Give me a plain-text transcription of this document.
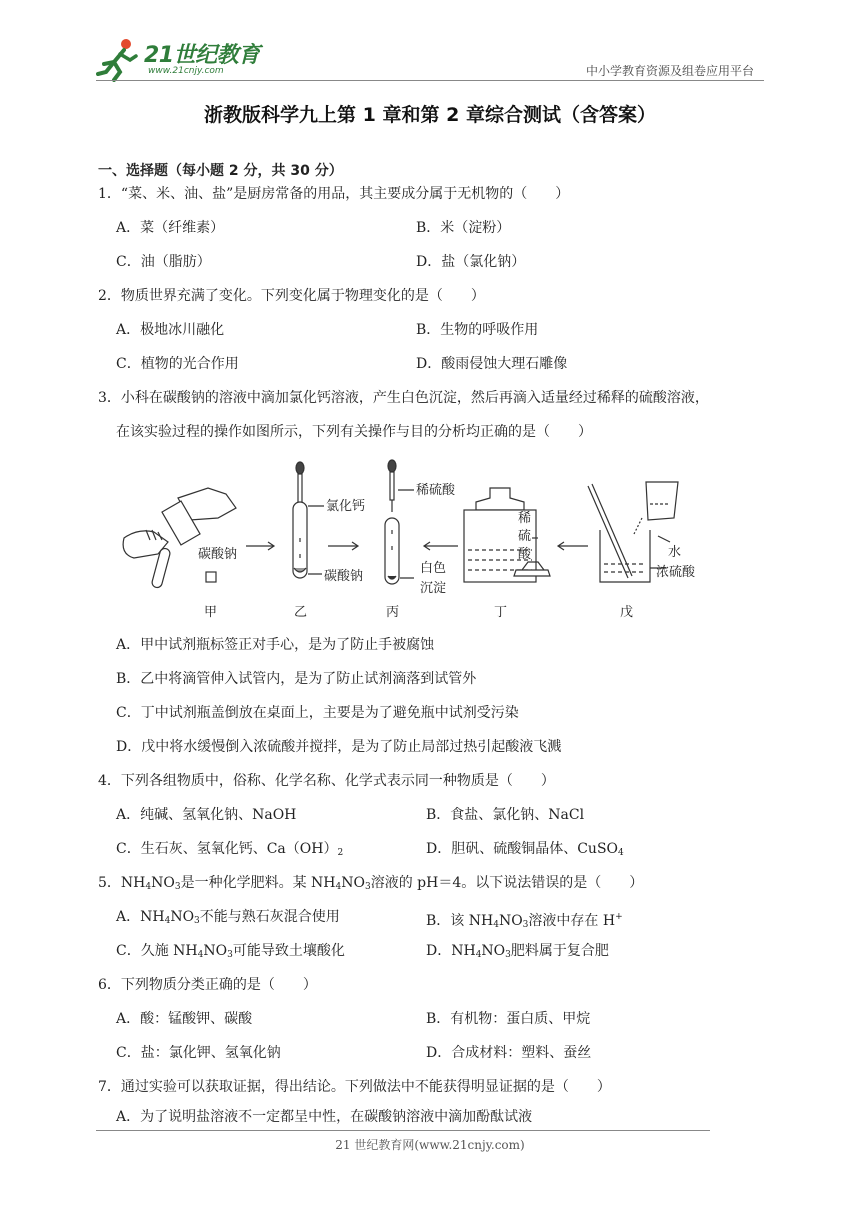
21世纪教育
www.21cnjy.com	中小学教育资源及组卷应用平台
浙教版科学九上第 1 章和第 2 章综合测试（含答案）
一、选择题（每小题 2 分，共 30 分）
1．“菜、米、油、盐”是厨房常备的用品，其主要成分属于无机物的（　　）
A．菜（纤维素）	B．米（淀粉）
C．油（脂肪）	D．盐（氯化钠）
2．物质世界充满了变化。下列变化属于物理变化的是（　　）
A．极地冰川融化	B．生物的呼吸作用
C．植物的光合作用	D．酸雨侵蚀大理石雕像
3．小科在碳酸钠的溶液中滴加氯化钙溶液，产生白色沉淀，然后再滴入适量经过稀释的硫酸溶液，
在该实验过程的操作如图所示，下列有关操作与目的分析均正确的是（　　）
碳酸钠
氯化钙
碳酸钠
稀硫酸
白色
沉淀
稀
硫
酸	水
浓硫酸
甲	乙	丙	丁	戊
A．甲中试剂瓶标签正对手心，是为了防止手被腐蚀
B．乙中将滴管伸入试管内，是为了防止试剂滴落到试管外
C．丁中试剂瓶盖倒放在桌面上，主要是为了避免瓶中试剂受污染
D．戊中将水缓慢倒入浓硫酸并搅拌，是为了防止局部过热引起酸液飞溅
4．下列各组物质中，俗称、化学名称、化学式表示同一种物质是（　　）
A．纯碱、氢氧化钠、NaOH	B．食盐、氯化钠、NaCl
C．生石灰、氢氧化钙、$Ca(OH)_2$	D．胆矾、硫酸铜晶体、CuSO$_4$
5．$NH_4NO_3$是一种化学肥料。某 $NH_4NO_3$溶液的 pH＝4。以下说法错误的是（　　）
A．$NH_4NO_3$不能与熟石灰混合使用	B．该 $NH_4NO_3$溶液中存在 H+
C．久施 $NH_4NO_3$可能导致土壤酸化	D．$NH_4NO_3$肥料属于复合肥
6．下列物质分类正确的是（　　）
A．酸：锰酸钾、碳酸	B．有机物：蛋白质、甲烷
C．盐：氯化钾、氢氧化钠	D．合成材料：塑料、蚕丝
7．通过实验可以获取证据，得出结论。下列做法中不能获得明显证据的是（　　）
A．为了说明盐溶液不一定都呈中性，在碳酸钠溶液中滴加酚酞试液
21 世纪教育网(www.21cnjy.com)
